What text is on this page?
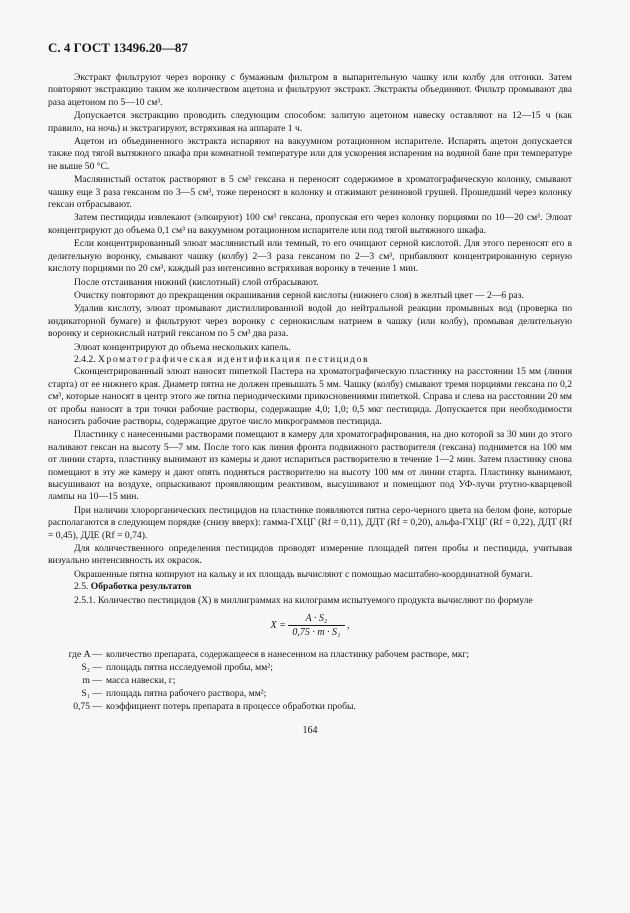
С. 4 ГОСТ 13496.20—87

Экстракт фильтруют через воронку с бумажным фильтром в выпарительную чашку или колбу для отгонки. Затем повторяют экстракцию таким же количеством ацетона и фильтруют экстракт. Экстракты объединяют. Фильтр промывают два раза ацетоном по 5—10 см³.

Допускается экстракцию проводить следующим способом: залитую ацетоном навеску оставляют на 12—15 ч (как правило, на ночь) и экстрагируют, встряхивая на аппарате 1 ч.

Ацетон из объединенного экстракта испаряют на вакуумном ротационном испарителе. Испарять ацетон допускается также под тягой вытяжного шкафа при комнатной температуре или для ускорения испарения на водяной бане при температуре не выше 50 °С.

Маслянистый остаток растворяют в 5 см³ гексана и переносят содержимое в хроматографическую колонку, смывают чашку еще 3 раза гексаном по 3—5 см³, тоже переносят в колонку и отжимают резиновой грушей. Прошедший через колонку гексан отбрасывают.

Затем пестициды извлекают (элюируют) 100 см³ гексана, пропуская его через колонку порциями по 10—20 см³. Элюат концентрируют до объема 0,1 см³ на вакуумном ротационном испарителе или под тягой вытяжного шкафа.

Если концентрированный элюат маслянистый или темный, то его очищают серной кислотой. Для этого переносят его в делительную воронку, смывают чашку (колбу) 2—3 раза гексаном по 2—3 см³, прибавляют концентрированную серную кислоту порциями по 20 см³, каждый раз интенсивно встряхивая воронку в течение 1 мин.

После отстаивания нижний (кислотный) слой отбрасывают.

Очистку повторяют до прекращения окрашивания серной кислоты (нижнего слоя) в желтый цвет — 2—6 раз.

Удалив кислоту, элюат промывают дистиллированной водой до нейтральной реакции промывных вод (проверка по индикаторной бумаге) и фильтруют через воронку с сернокислым натрием в чашку (или колбу), промывая делительную воронку и сернокислый натрий гексаном по 5 см³ два раза.

Элюат концентрируют до объема нескольких капель.

2.4.2. Хроматографическая идентификация пестицидов

Сконцентрированный элюат наносят пипеткой Пастера на хроматографическую пластинку на расстоянии 15 мм (линия старта) от ее нижнего края. Диаметр пятна не должен превышать 5 мм. Чашку (колбу) смывают тремя порциями гексана по 0,2 см³, которые наносят в центр этого же пятна периодическими прикосновениями пипеткой. Справа и слева на расстоянии 20 мм от пробы наносят в три точки рабочие растворы, содержащие 4,0; 1,0; 0,5 мкг пестицида. Допускается при необходимости наносить рабочие растворы, содержащие другое число микрограммов пестицида.

Пластинку с нанесенными растворами помещают в камеру для хроматографирования, на дно которой за 30 мин до этого наливают гексан на высоту 5—7 мм. После того как линия фронта подвижного растворителя (гексана) поднимется на 100 мм от линии старта, пластинку вынимают из камеры и дают испариться растворителю в течение 1—2 мин. Затем пластинку снова помещают в эту же камеру и дают опять подняться растворителю на высоту 100 мм от линии старта. Пластинку вынимают, высушивают на воздухе, опрыскивают проявляющим реактивом, высушивают и помещают под УФ-лучи ртутно-кварцевой лампы на 10—15 мин.

При наличии хлорорганических пестицидов на пластинке появляются пятна серо-черного цвета на белом фоне, которые располагаются в следующем порядке (снизу вверх): гамма-ГХЦГ (Rf = 0,11), ДДТ (Rf = 0,20), альфа-ГХЦГ (Rf = 0,22), ДДТ (Rf = 0,45), ДДЕ (Rf = 0,74).

Для количественного определения пестицидов проводят измерение площадей пятен пробы и пестицида, учитывая визуально интенсивность их окрасок.

Окрашенные пятна копируют на кальку и их площадь вычисляют с помощью масштабно-координатной бумаги.

2.5. Обработка результатов

2.5.1. Количество пестицидов (X) в миллиграммах на килограмм испытуемого продукта вычисляют по формуле

$X = \frac{\text{A · S₂}}{\text{0,75 · m · S₁}}$ ,
где A — количество препарата, содержащееся в нанесенном на пластинку рабочем растворе, мкг;
S₂ — площадь пятна исследуемой пробы, мм²;
m — масса навески, г;
S₁ — площадь пятна рабочего раствора, мм²;
0,75 — коэффициент потерь препарата в процессе обработки пробы.
164
